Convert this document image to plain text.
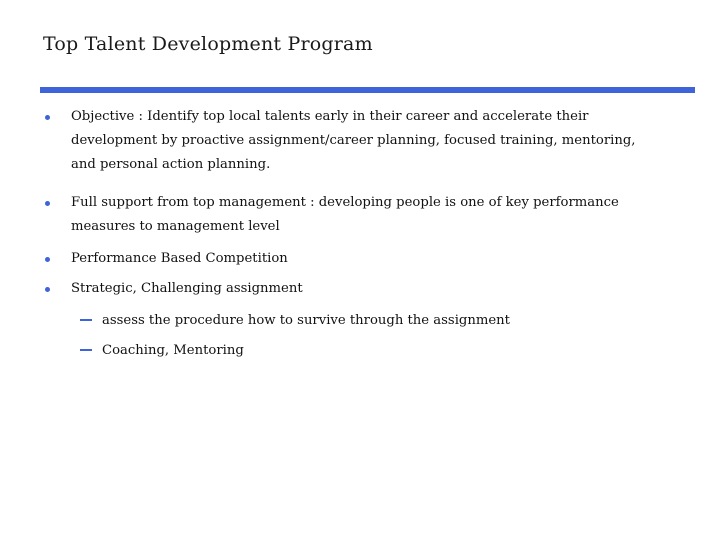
Top Talent Development Program
Objective : Identify top local talents early in their career and accelerate their development by proactive assignment/career planning, focused training, mentoring, and personal action planning.
Full support from top management : developing people is one of key performance measures to management level
Performance Based Competition
Strategic, Challenging assignment
assess the procedure how to survive through the assignment
Coaching, Mentoring
